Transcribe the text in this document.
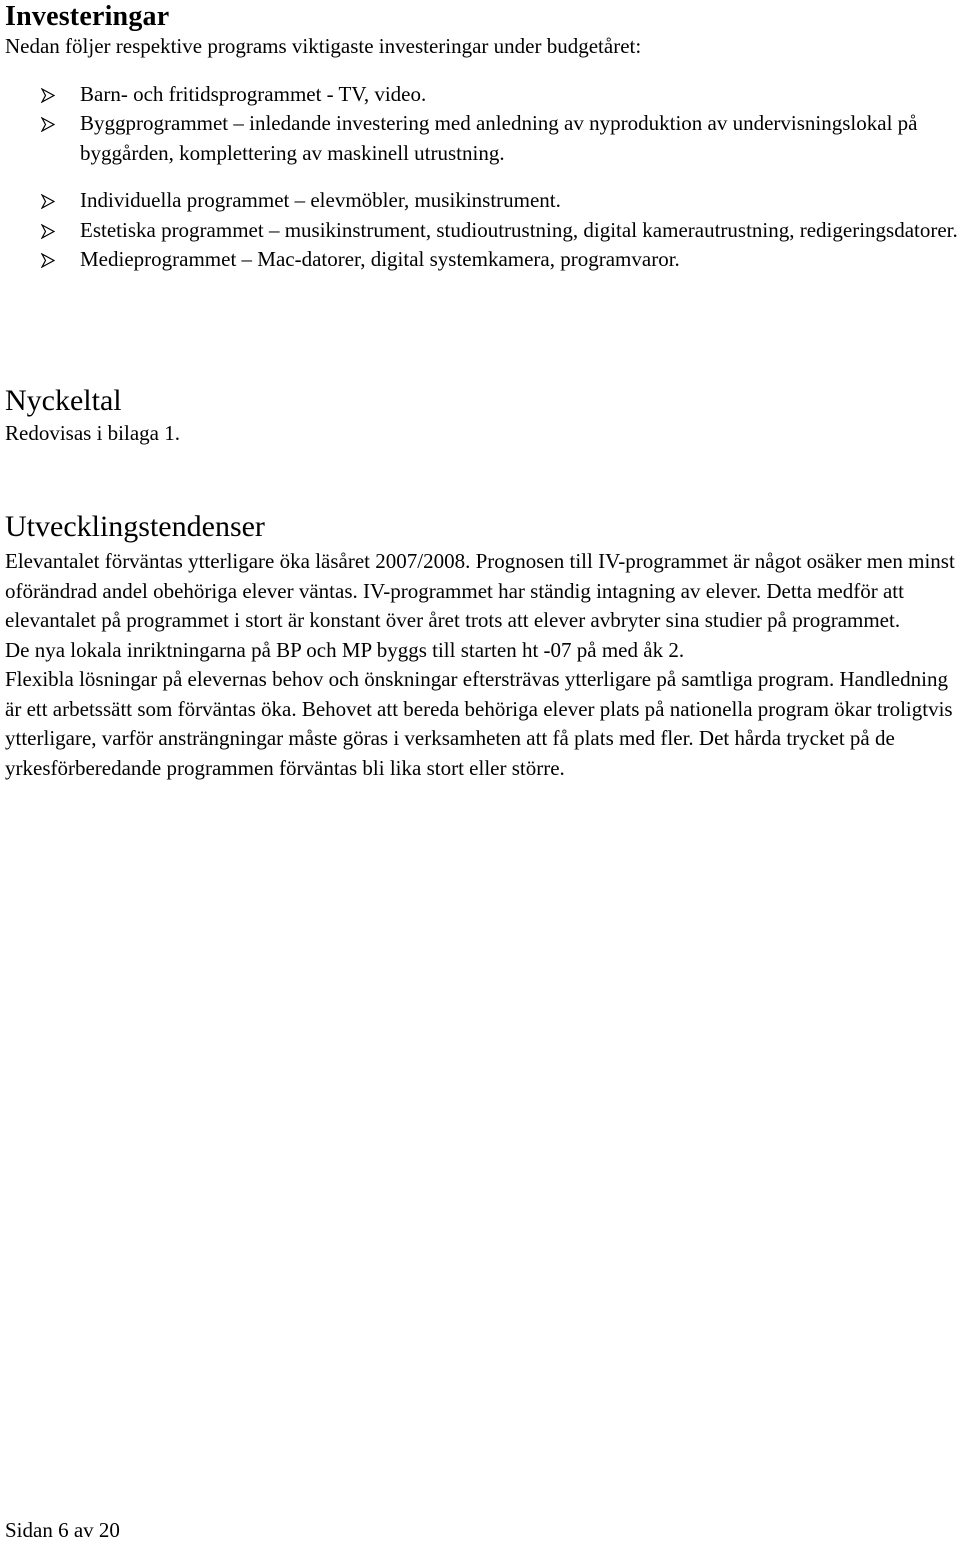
Investeringar

Nedan följer respektive programs viktigaste investeringar under budgetåret:

Barn- och fritidsprogrammet - TV, video.
Byggprogrammet – inledande investering med anledning av nyproduktion av undervisningslokal på byggården, komplettering av maskinell utrustning.
Individuella programmet – elevmöbler, musikinstrument.
Estetiska programmet – musikinstrument, studioutrustning, digital kamerautrustning, redigeringsdatorer.
Medieprogrammet – Mac-datorer, digital systemkamera, programvaror.
Nyckeltal

Redovisas i bilaga 1.

Utvecklingstendenser

Elevantalet förväntas ytterligare öka läsåret 2007/2008. Prognosen till IV-programmet är något osäker men minst oförändrad andel obehöriga elever väntas. IV-programmet har ständig intagning av elever. Detta medför att elevantalet på programmet i stort är konstant över året trots att elever avbryter sina studier på programmet.

De nya lokala inriktningarna på BP och MP byggs till starten ht -07 på med åk 2.

Flexibla lösningar på elevernas behov och önskningar eftersträvas ytterligare på samtliga program. Handledning är ett arbetssätt som förväntas öka. Behovet att bereda behöriga elever plats på nationella program ökar troligtvis ytterligare, varför ansträngningar måste göras i verksamheten att få plats med fler. Det hårda trycket på de yrkesförberedande programmen förväntas bli lika stort eller större.

Sidan 6 av 20
